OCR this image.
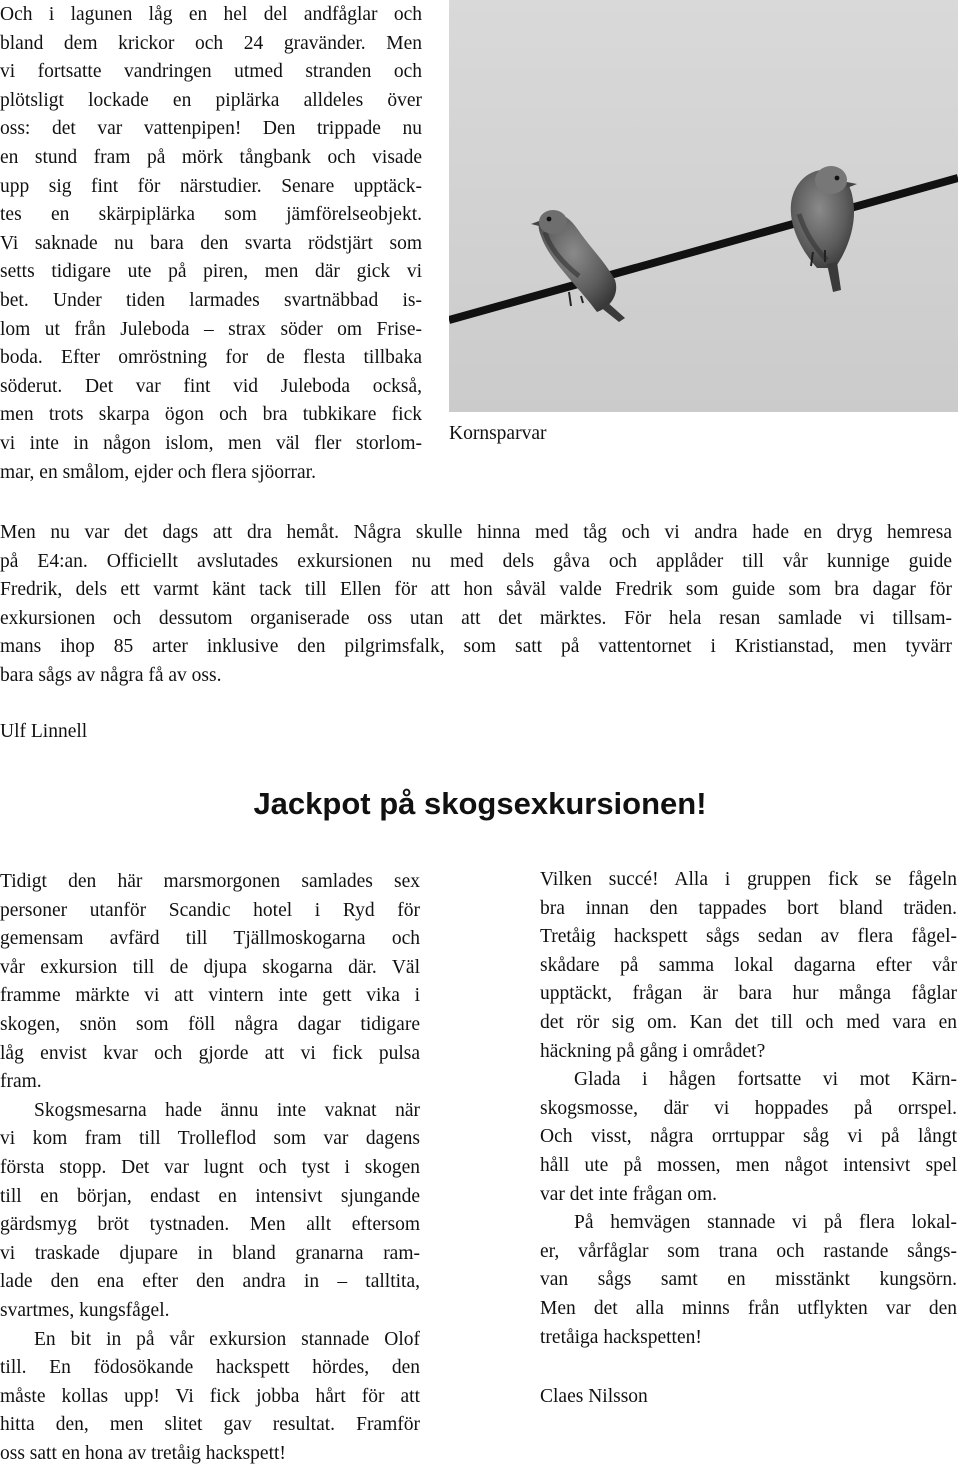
Och i lagunen låg en hel del andfåglar och
bland dem krickor och 24 gravänder. Men
vi fortsatte vandringen utmed stranden och
plötsligt lockade en piplärka alldeles över
oss: det var vattenpipen! Den trippade nu
en stund fram på mörk tångbank och visade
upp sig fint för närstudier. Senare upptäck-
tes en skärpiplärka som jämförelseobjekt.
Vi saknade nu bara den svarta rödstjärt som
setts tidigare ute på piren, men där gick vi
bet. Under tiden larmades svartnäbbad is-
lom ut från Juleboda – strax söder om Frise-
boda. Efter omröstning for de flesta tillbaka
söderut. Det var fint vid Juleboda också,
men trots skarpa ögon och bra tubkikare fick
vi inte in någon islom, men väl fler storlom-
mar, en smålom, ejder och flera sjöorrar.
Kornsparvar
Men nu var det dags att dra hemåt. Några skulle hinna med tåg och vi andra hade en dryg hemresa
på E4:an. Officiellt avslutades exkursionen nu med dels gåva och applåder till vår kunnige guide
Fredrik, dels ett varmt känt tack till Ellen för att hon såväl valde Fredrik som guide som bra dagar för
exkursionen och dessutom organiserade oss utan att det märktes. För hela resan samlade vi tillsam-
mans ihop 85 arter inklusive den pilgrimsfalk, som satt på vattentornet i Kristianstad, men tyvärr
bara sågs av några få av oss.
Ulf Linnell
Jackpot på skogsexkursionen!
Tidigt den här marsmorgonen samlades sex
personer utanför Scandic hotel i Ryd för
gemensam avfärd till Tjällmoskogarna och
vår exkursion till de djupa skogarna där. Väl
framme märkte vi att vintern inte gett vika i
skogen, snön som föll några dagar tidigare
låg envist kvar och gjorde att vi fick pulsa
fram.
Skogsmesarna hade ännu inte vaknat när
vi kom fram till Trolleflod som var dagens
första stopp. Det var lugnt och tyst i skogen
till en början, endast en intensivt sjungande
gärdsmyg bröt tystnaden. Men allt eftersom
vi traskade djupare in bland granarna ram-
lade den ena efter den andra in – talltita,
svartmes, kungsfågel.
En bit in på vår exkursion stannade Olof
till. En födosökande hackspett hördes, den
måste kollas upp! Vi fick jobba hårt för att
hitta den, men slitet gav resultat. Framför
oss satt en hona av tretåig hackspett!
Vilken succé! Alla i gruppen fick se fågeln
bra innan den tappades bort bland träden.
Tretåig hackspett sågs sedan av flera fågel-
skådare på samma lokal dagarna efter vår
upptäckt, frågan är bara hur många fåglar
det rör sig om. Kan det till och med vara en
häckning på gång i området?
Glada i hågen fortsatte vi mot Kärn-
skogsmosse, där vi hoppades på orrspel.
Och visst, några orrtuppar såg vi på långt
håll ute på mossen, men något intensivt spel
var det inte frågan om.
På hemvägen stannade vi på flera lokal-
er, vårfåglar som trana och rastande sångs-
van sågs samt en misstänkt kungsörn.
Men det alla minns från utflykten var den
tretåiga hackspetten!
Claes Nilsson
